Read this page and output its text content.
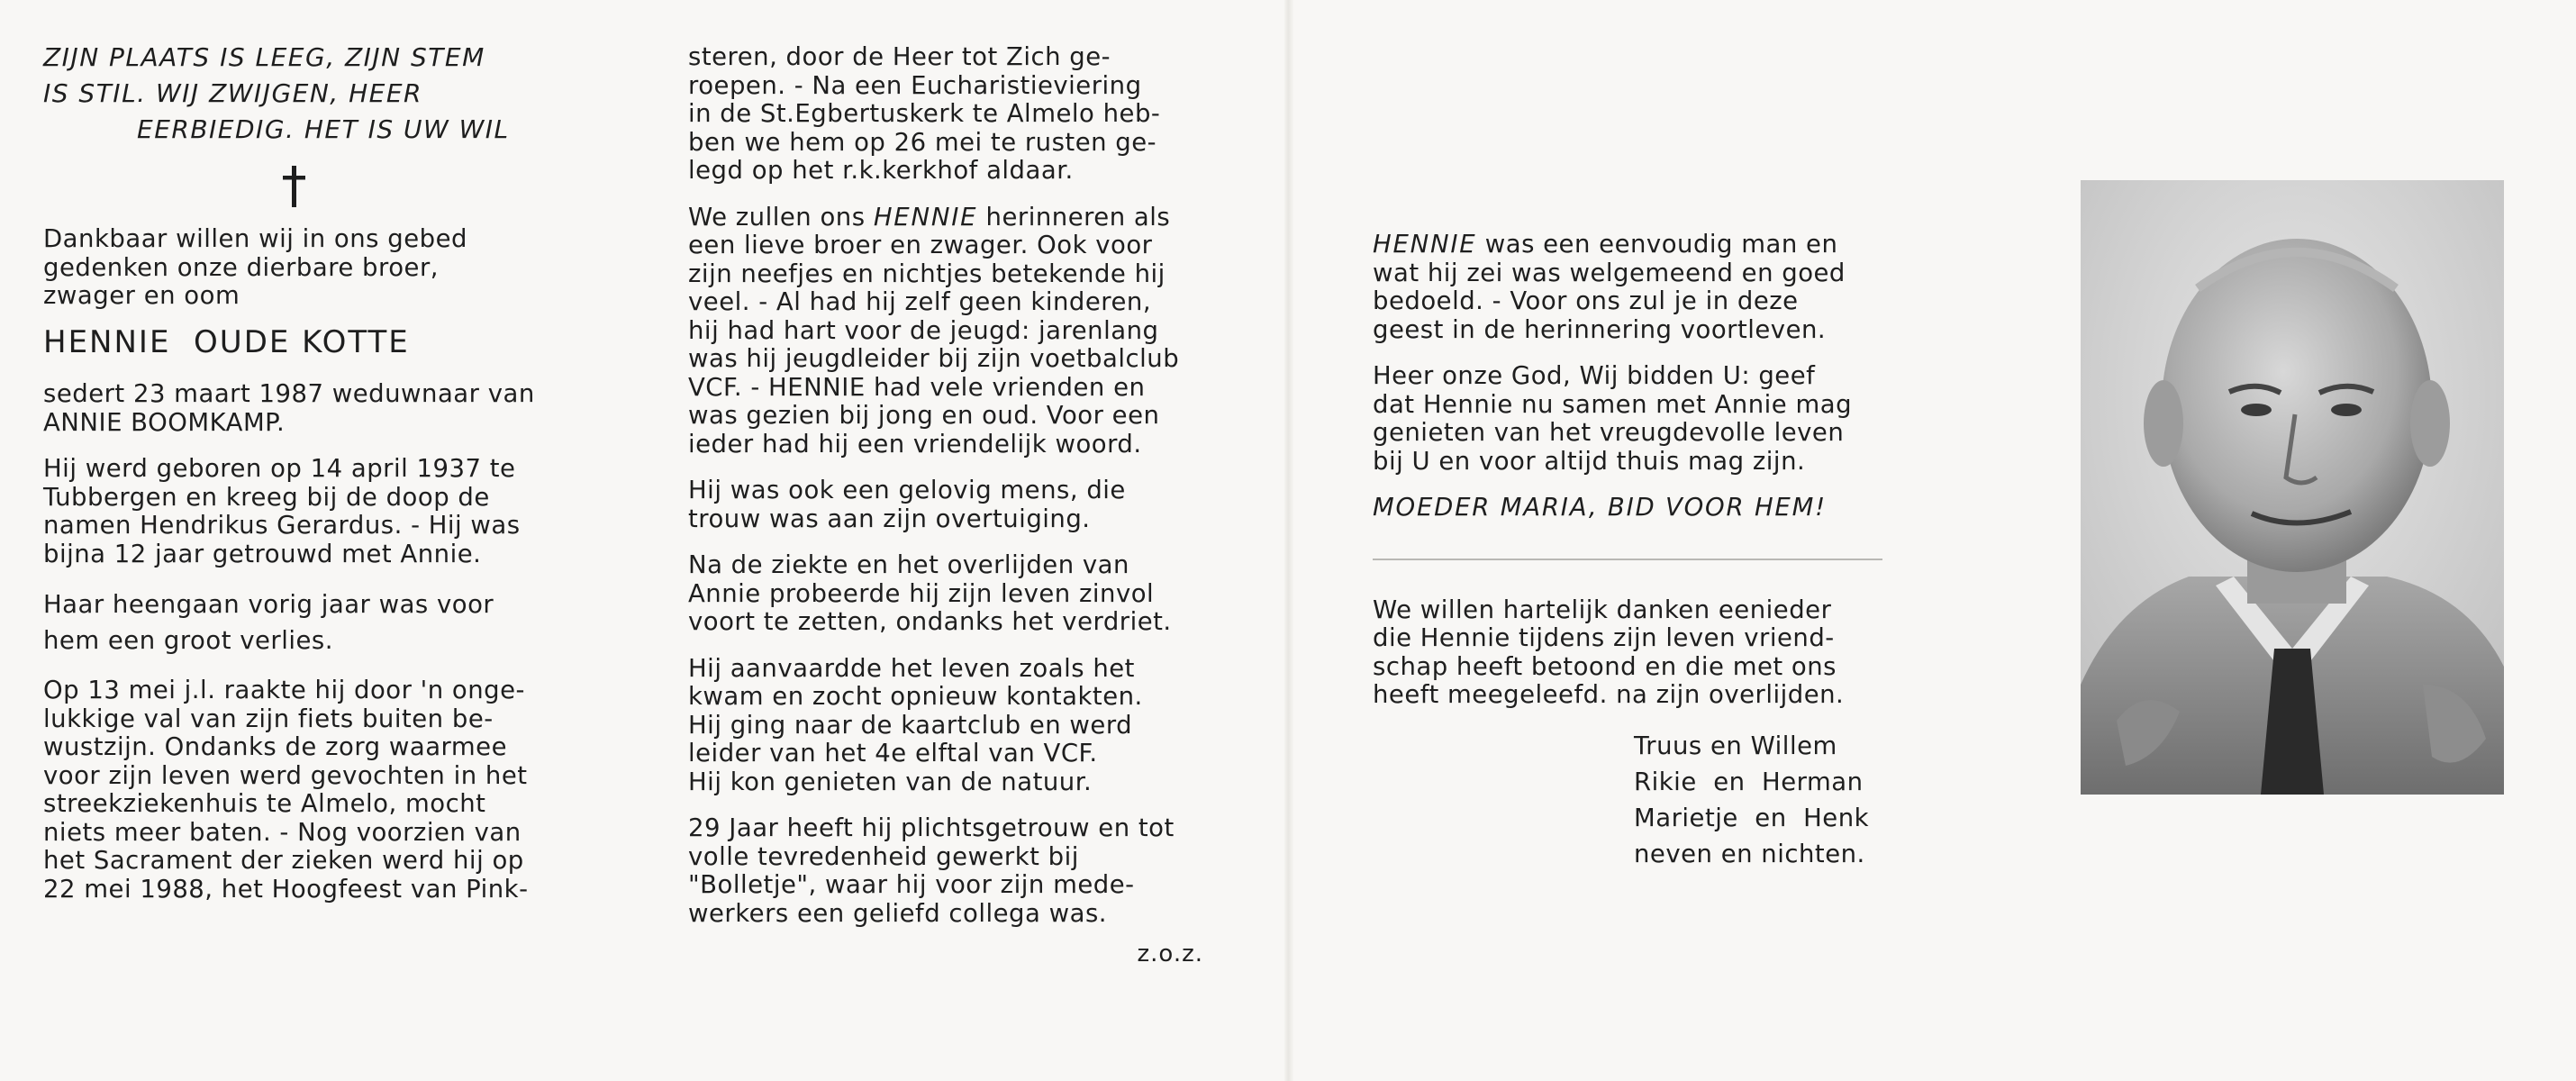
ZIJN PLAATS IS LEEG, ZIJN STEM
IS STIL. WIJ ZWIJGEN, HEER
EERBIEDIG. HET IS UW WIL

Dankbaar willen wij in ons gebed
gedenken onze dierbare broer,
zwager en oom

HENNIE  OUDE KOTTE

sedert 23 maart 1987 weduwnaar van
ANNIE BOOMKAMP.

Hij werd geboren op 14 april 1937 te
Tubbergen en kreeg bij de doop de
namen Hendrikus Gerardus. - Hij was
bijna 12 jaar getrouwd met Annie.

Haar heengaan vorig jaar was voor
hem een groot verlies.

Op 13 mei j.l. raakte hij door 'n onge-
lukkige val van zijn fiets buiten be-
wustzijn. Ondanks de zorg waarmee
voor zijn leven werd gevochten in het
streekziekenhuis te Almelo, mocht
niets meer baten. - Nog voorzien van
het Sacrament der zieken werd hij op
22 mei 1988, het Hoogfeest van Pink-

steren, door de Heer tot Zich ge-
roepen. - Na een Eucharistieviering
in de St.Egbertuskerk te Almelo heb-
ben we hem op 26 mei te rusten ge-
legd op het r.k.kerkhof aldaar.

We zullen ons HENNIE herinneren als
een lieve broer en zwager. Ook voor
zijn neefjes en nichtjes betekende hij
veel. - Al had hij zelf geen kinderen,
hij had hart voor de jeugd: jarenlang
was hij jeugdleider bij zijn voetbalclub
VCF. - HENNIE had vele vrienden en
was gezien bij jong en oud. Voor een
ieder had hij een vriendelijk woord.

Hij was ook een gelovig mens, die
trouw was aan zijn overtuiging.

Na de ziekte en het overlijden van
Annie probeerde hij zijn leven zinvol
voort te zetten, ondanks het verdriet.

Hij aanvaardde het leven zoals het
kwam en zocht opnieuw kontakten.
Hij ging naar de kaartclub en werd
leider van het 4e elftal van VCF.
Hij kon genieten van de natuur.

29 Jaar heeft hij plichtsgetrouw en tot
volle tevredenheid gewerkt bij
"Bolletje", waar hij voor zijn mede-
werkers een geliefd collega was.

z.o.z.

HENNIE was een eenvoudig man en
wat hij zei was welgemeend en goed
bedoeld. - Voor ons zul je in deze
geest in de herinnering voortleven.

Heer onze God, Wij bidden U: geef
dat Hennie nu samen met Annie mag
genieten van het vreugdevolle leven
bij U en voor altijd thuis mag zijn.

MOEDER MARIA, BID VOOR HEM!

We willen hartelijk danken eenieder
die Hennie tijdens zijn leven vriend-
schap heeft betoond en die met ons
heeft meegeleefd. na zijn overlijden.

Truus en Willem
Rikie  en  Herman
Marietje  en  Henk
neven en nichten.
